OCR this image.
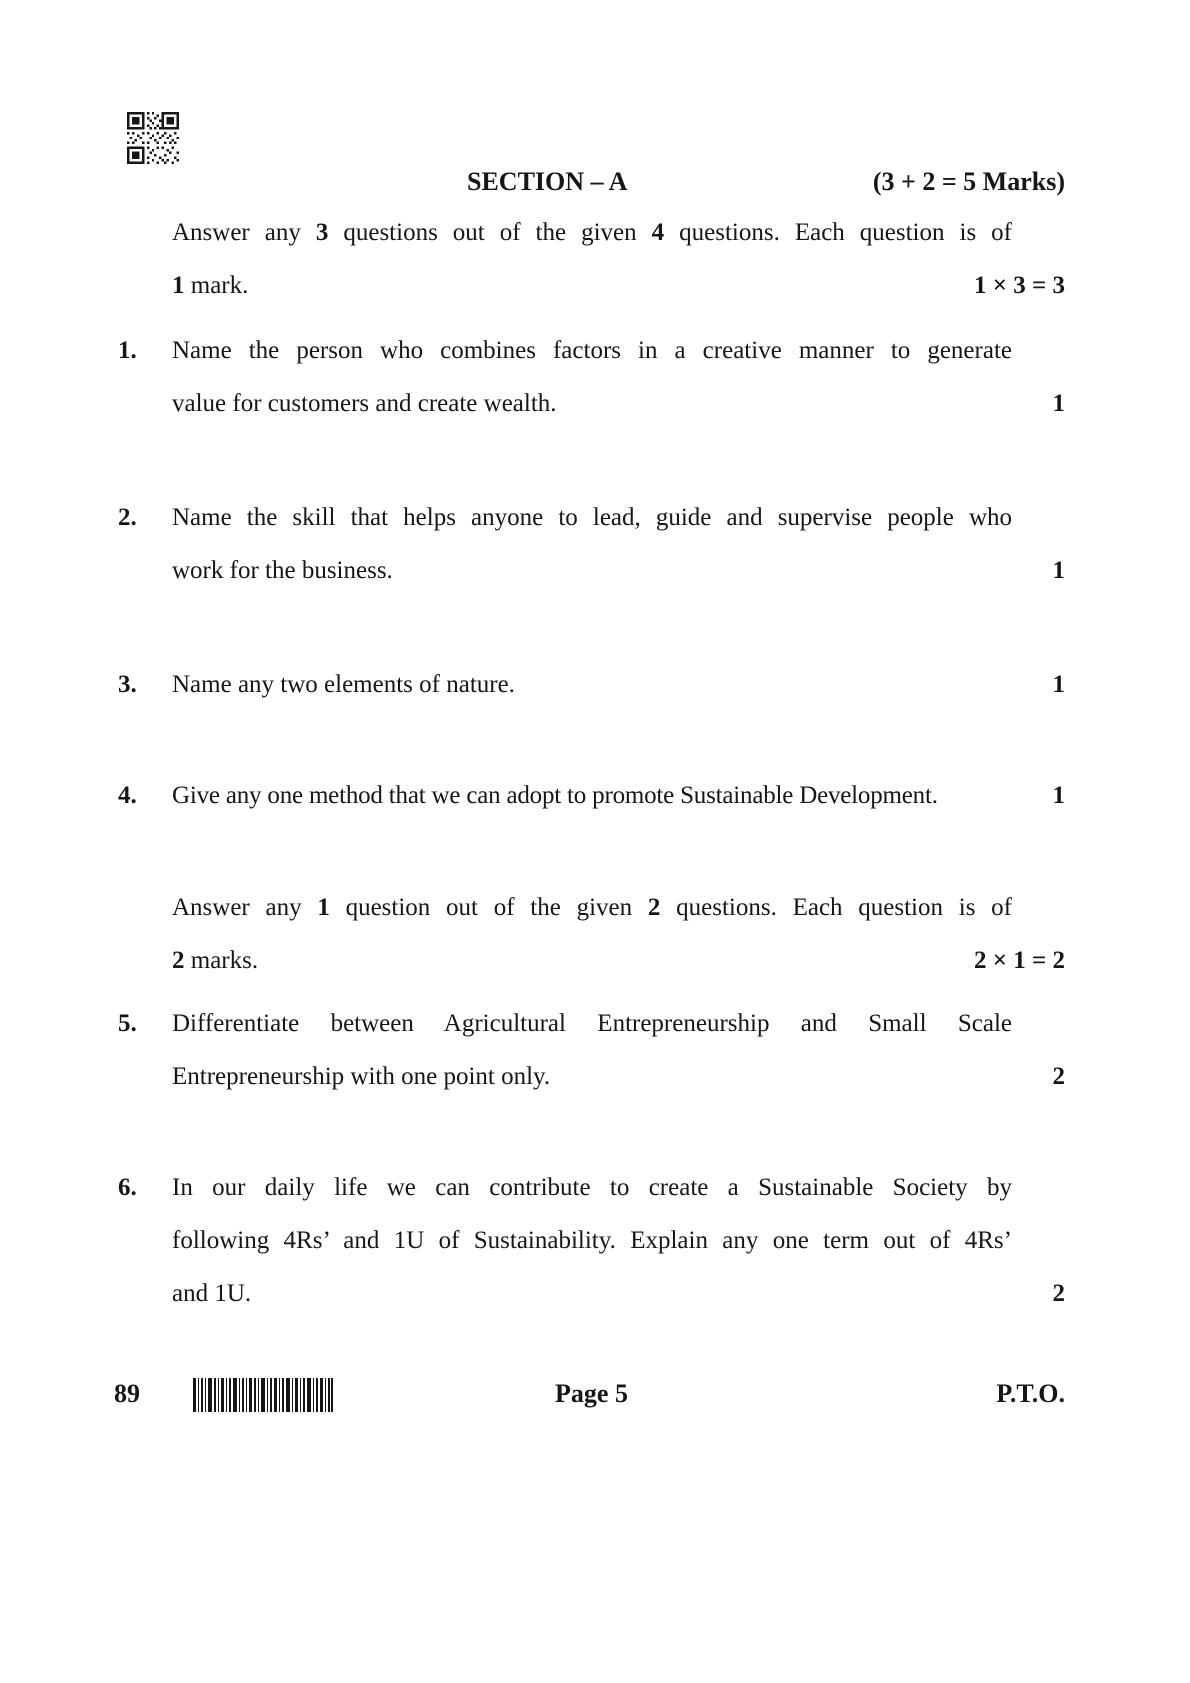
SECTION – A	(3 + 2 = 5 Marks)
Answer any 3 questions out of the given 4 questions. Each question is of
1 mark.	1 × 3 = 3
1.	Name the person who combines factors in a creative manner to generate
value for customers and create wealth.	1
2.	Name the skill that helps anyone to lead, guide and supervise people who
work for the business.	1
3.	Name any two elements of nature.	1
4.	Give any one method that we can adopt to promote Sustainable Development.	1
Answer any 1 question out of the given 2 questions. Each question is of
2 marks.	2 × 1 = 2
5.	Differentiate between Agricultural Entrepreneurship and Small Scale
Entrepreneurship with one point only.	2
6.	In our daily life we can contribute to create a Sustainable Society by
following 4Rs’ and 1U of Sustainability. Explain any one term out of 4Rs’
and 1U.	2
89	Page 5	P.T.O.
